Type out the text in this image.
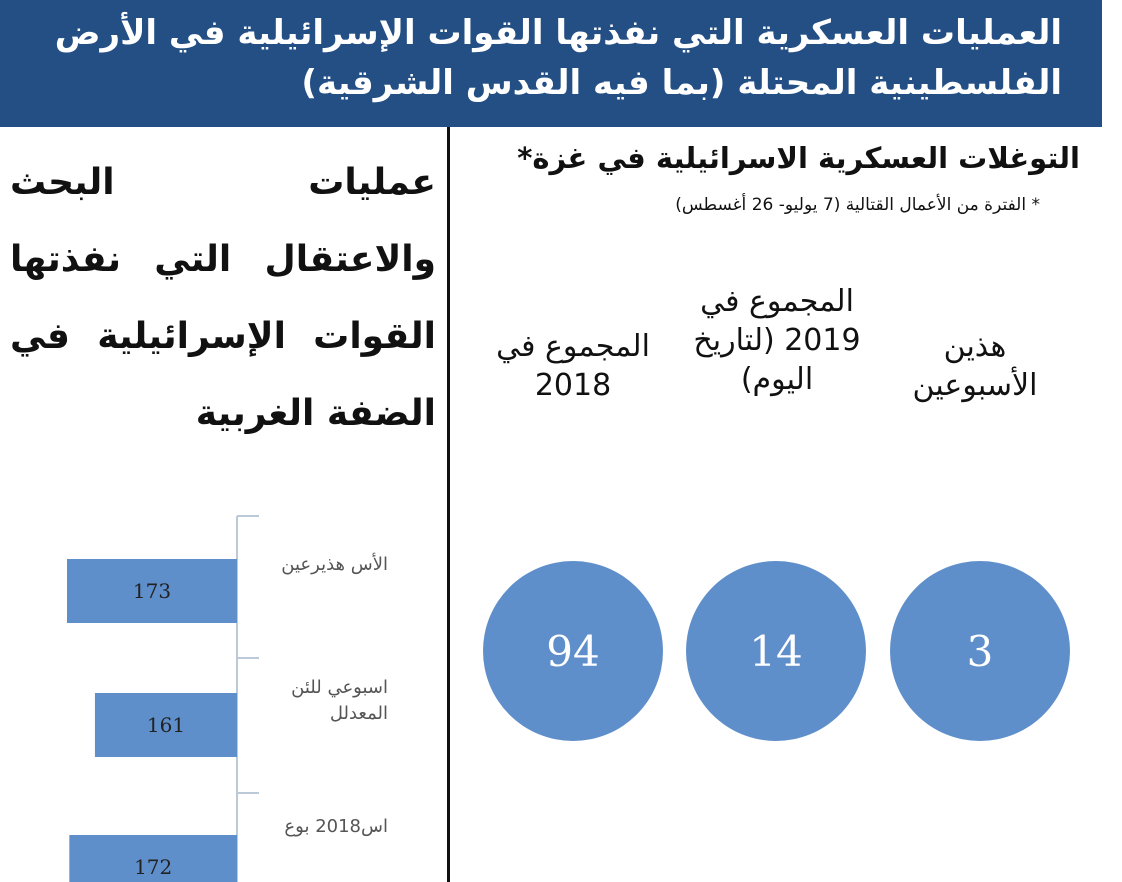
العمليات العسكرية التي نفذتها القوات الإسرائيلية في الأرض الفلسطينية المحتلة (بما فيه القدس الشرقية)
عمليات البحث والاعتقال التي نفذتها القوات الإسرائيلية في الضفة الغربية
التوغلات العسكرية الاسرائيلية في غزة*
* الفترة من الأعمال القتالية (7 يوليو- 26 أغسطس)
المجموع في 2018
المجموع في 2019 (لتاريخ اليوم)
هذين الأسبوعين
94	14	3
173
161
172
الأس هذيرعين
اسبوعي للئن المعدلل
اس2018 بوع
